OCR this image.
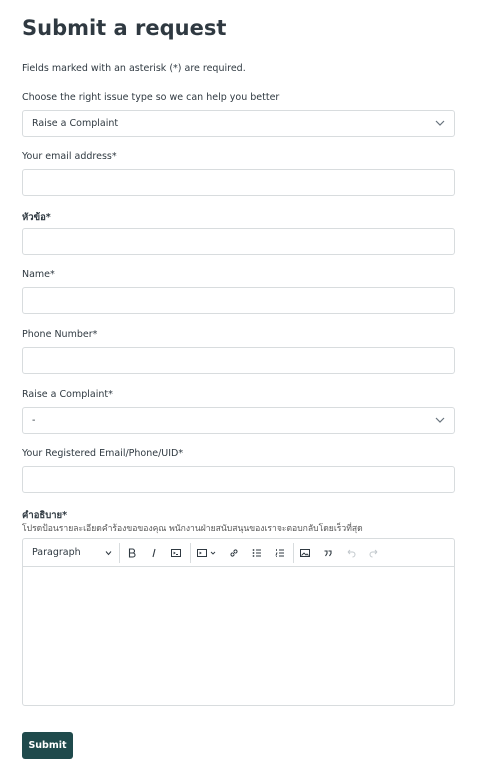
Submit a request
Fields marked with an asterisk (*) are required.
Choose the right issue type so we can help you better
Raise a Complaint
Your email address*
หัวข้อ*
Name*
Phone Number*
Raise a Complaint*
-
Your Registered Email/Phone/UID*
คำอธิบาย*
โปรดป้อนรายละเอียดคำร้องขอของคุณ พนักงานฝ่ายสนับสนุนของเราจะตอบกลับโดยเร็วที่สุด
Paragraph
Submit
